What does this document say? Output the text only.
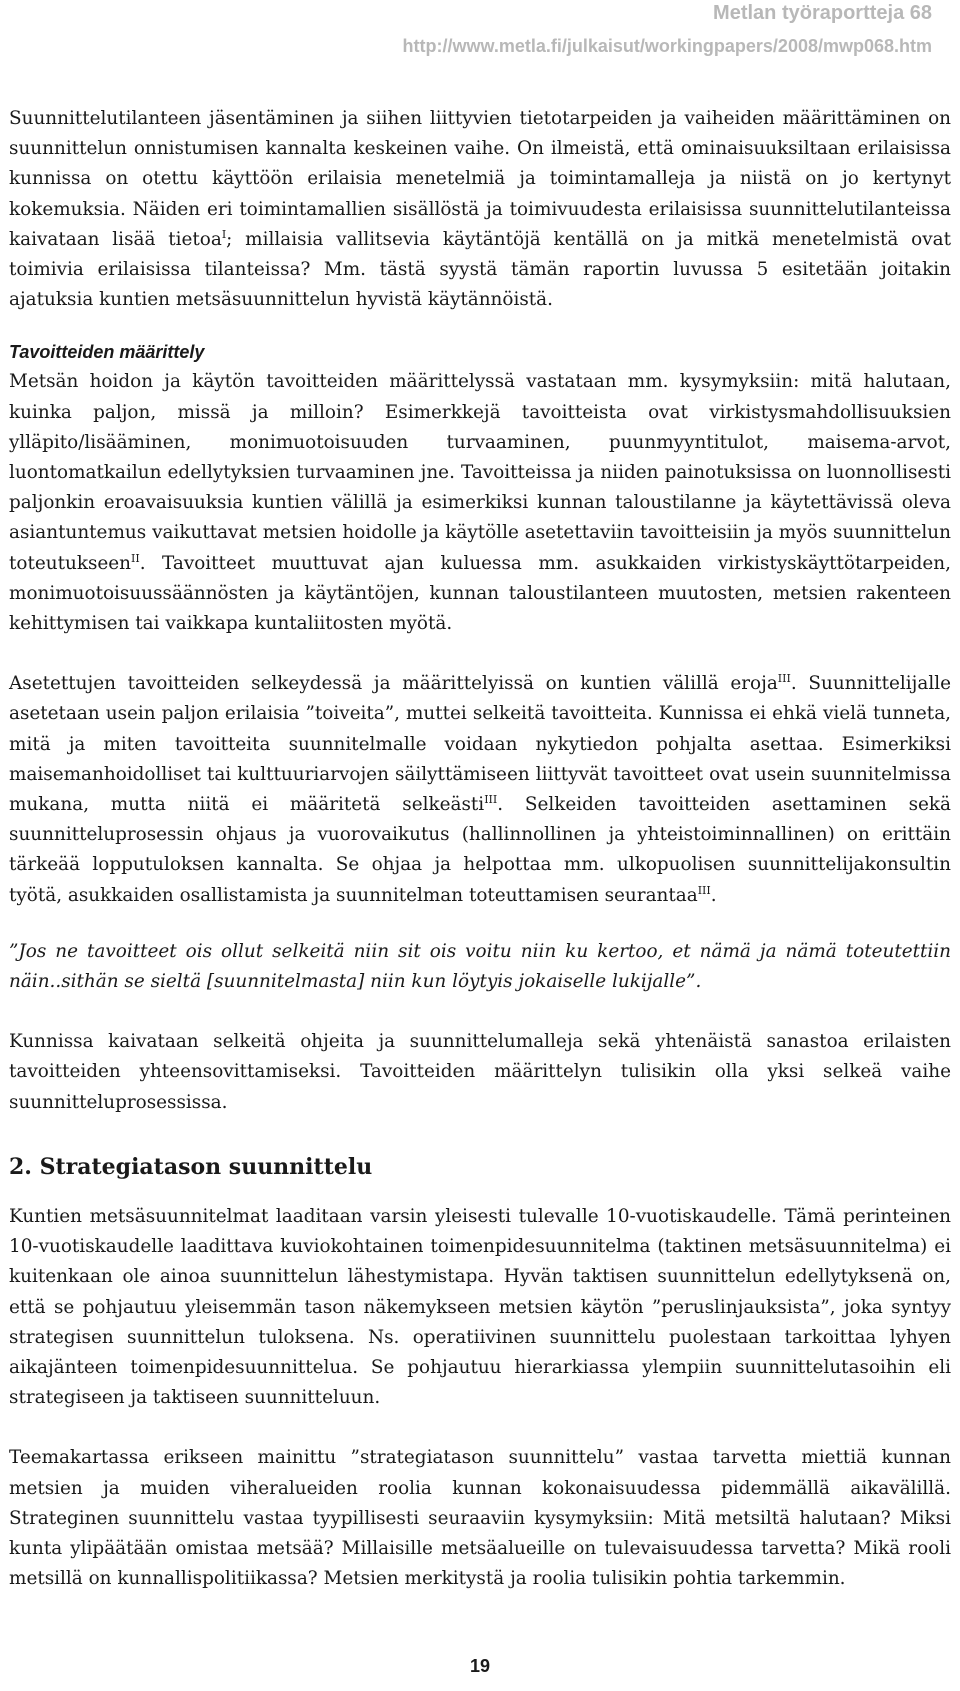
Metlan työraportteja 68
http://www.metla.fi/julkaisut/workingpapers/2008/mwp068.htm

Suunnittelutilanteen jäsentäminen ja siihen liittyvien tietotarpeiden ja vaiheiden määrittäminen on suunnittelun onnistumisen kannalta keskeinen vaihe. On ilmeistä, että ominaisuuksiltaan erilaisissa kunnissa on otettu käyttöön erilaisia menetelmiä ja toimintamalleja ja niistä on jo kertynyt kokemuksia. Näiden eri toimintamallien sisällöstä ja toimivuudesta erilaisissa suunnittelutilanteissa kaivataan lisää tietoa$^I$; millaisia vallitsevia käytäntöjä kentällä on ja mitkä menetelmistä ovat toimivia erilaisissa tilanteissa? Mm. tästä syystä tämän raportin luvussa 5 esitetään joitakin ajatuksia kuntien metsäsuunnittelun hyvistä käytännöistä.

Tavoitteiden määrittely

Metsän hoidon ja käytön tavoitteiden määrittelyssä vastataan mm. kysymyksiin: mitä halutaan, kuinka paljon, missä ja milloin? Esimerkkejä tavoitteista ovat virkistysmahdollisuuksien ylläpito/lisääminen, monimuotoisuuden turvaaminen, puunmyyntitulot, maisema-arvot, luontomatkailun edellytyksien turvaaminen jne. Tavoitteissa ja niiden painotuksissa on luonnollisesti paljonkin eroavaisuuksia kuntien välillä ja esimerkiksi kunnan taloustilanne ja käytettävissä oleva asiantuntemus vaikuttavat metsien hoidolle ja käytölle asetettaviin tavoitteisiin ja myös suunnittelun toteutukseen$^{II}$. Tavoitteet muuttuvat ajan kuluessa mm. asukkaiden virkistyskäyttötarpeiden, monimuotoisuussäännösten ja käytäntöjen, kunnan taloustilanteen muutosten, metsien rakenteen kehittymisen tai vaikkapa kuntaliitosten myötä.

Asetettujen tavoitteiden selkeydessä ja määrittelyissä on kuntien välillä eroja$^{III}$. Suunnittelijalle asetetaan usein paljon erilaisia ”toiveita”, muttei selkeitä tavoitteita. Kunnissa ei ehkä vielä tunneta, mitä ja miten tavoitteita suunnitelmalle voidaan nykytiedon pohjalta asettaa. Esimerkiksi maisemanhoidolliset tai kulttuuriarvojen säilyttämiseen liittyvät tavoitteet ovat usein suunnitelmissa mukana, mutta niitä ei määritetä selkeästi$^{III}$. Selkeiden tavoitteiden asettaminen sekä suunnitteluprosessin ohjaus ja vuorovaikutus (hallinnollinen ja yhteistoiminnallinen) on erittäin tärkeää lopputuloksen kannalta. Se ohjaa ja helpottaa mm. ulkopuolisen suunnittelijakonsultin työtä, asukkaiden osallistamista ja suunnitelman toteuttamisen seurantaa$^{III}$.

”Jos ne tavoitteet ois ollut selkeitä niin sit ois voitu niin ku kertoo, et nämä ja nämä toteutettiin näin..sithän se sieltä [suunnitelmasta] niin kun löytyis jokaiselle lukijalle”.

Kunnissa kaivataan selkeitä ohjeita ja suunnittelumalleja sekä yhtenäistä sanastoa erilaisten tavoitteiden yhteensovittamiseksi. Tavoitteiden määrittelyn tulisikin olla yksi selkeä vaihe suunnitteluprosessissa.

2. Strategiatason suunnittelu

Kuntien metsäsuunnitelmat laaditaan varsin yleisesti tulevalle 10-vuotiskaudelle. Tämä perinteinen 10-vuotiskaudelle laadittava kuviokohtainen toimenpidesuunnitelma (taktinen metsäsuunnitelma) ei kuitenkaan ole ainoa suunnittelun lähestymistapa. Hyvän taktisen suunnittelun edellytyksenä on, että se pohjautuu yleisemmän tason näkemykseen metsien käytön ”peruslinjauksista”, joka syntyy strategisen suunnittelun tuloksena. Ns. operatiivinen suunnittelu puolestaan tarkoittaa lyhyen aikajänteen toimenpidesuunnittelua. Se pohjautuu hierarkiassa ylempiin suunnittelutasoihin eli strategiseen ja taktiseen suunnitteluun.

Teemakartassa erikseen mainittu ”strategiatason suunnittelu” vastaa tarvetta miettiä kunnan metsien ja muiden viheralueiden roolia kunnan kokonaisuudessa pidemmällä aikavälillä. Strateginen suunnittelu vastaa tyypillisesti seuraaviin kysymyksiin: Mitä metsiltä halutaan? Miksi kunta ylipäätään omistaa metsää? Millaisille metsäalueille on tulevaisuudessa tarvetta? Mikä rooli metsillä on kunnallispolitiikassa? Metsien merkitystä ja roolia tulisikin pohtia tarkemmin.

19
